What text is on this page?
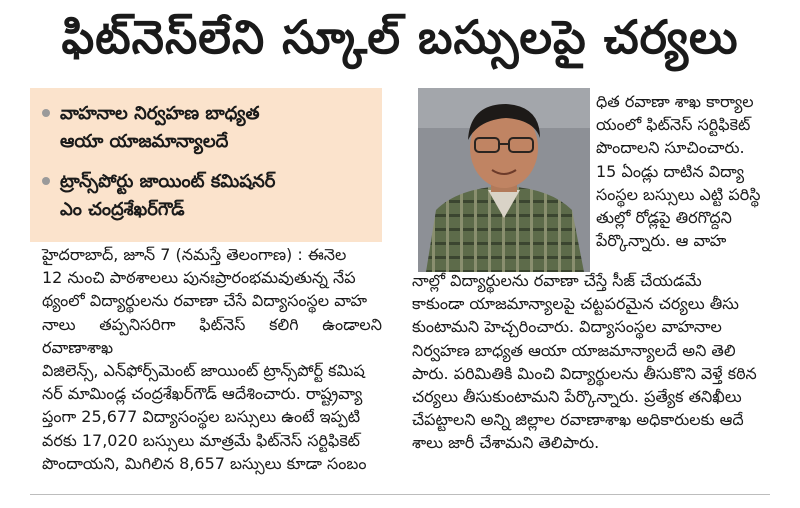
ఫిట్‌నెస్‌లేని స్కూల్‌ బస్సులపై చర్యలు
వాహనాల నిర్వహణ బాధ్యత
ఆయా యాజమాన్యాలదే
ట్రాన్స్‌పోర్టు జాయింట్‌ కమిషనర్‌
ఎం చంద్రశేఖర్‌గౌడ్‌
హైదరాబాద్‌, జూన్‌ 7 (నమస్తే తెలంగాణ) : ఈనెల
12 నుంచి పాఠశాలలు పునఃప్రారంభమవుతున్న నేప
థ్యంలో విద్యార్థులను రవాణా చేసే విద్యాసంస్థల వాహ
నాలు తప్పనిసరిగా ఫిట్‌నెస్‌ కలిగి ఉండాలని రవాణాశాఖ
విజిలెన్స్‌, ఎన్‌ఫోర్స్‌మెంట్‌ జాయింట్‌ ట్రాన్స్‌పోర్ట్‌ కమిష
నర్‌ మామిండ్ల చంద్రశేఖర్‌గౌడ్‌ ఆదేశించారు. రాష్ట్రవ్యా
ప్తంగా 25,677 విద్యాసంస్థల బస్సులు ఉంటే ఇప్పటి
వరకు 17,020 బస్సులు మాత్రమే ఫిట్‌నెస్‌ సర్టిఫికెట్‌
పొందాయని, మిగిలిన 8,657 బస్సులు కూడా సంబం
ధిత రవాణా శాఖ కార్యాల
యంలో ఫిట్‌నెస్‌ సర్టిఫికెట్‌
పొందాలని సూచించారు.
15 ఏండ్లు దాటిన విద్యా
సంస్థల బస్సులు ఎట్టి పరిస్థి
తుల్లో రోడ్లపై తిరగొద్దని
పేర్కొన్నారు. ఆ వాహ
నాల్లో విద్యార్థులను రవాణా చేస్తే సీజ్‌ చేయడమే
కాకుండా యాజమాన్యాలపై చట్టపరమైన చర్యలు తీసు
కుంటామని హెచ్చరించారు. విద్యాసంస్థల వాహనాల
నిర్వహణ బాధ్యత ఆయా యాజమాన్యాలదే అని తెలి
పారు. పరిమితికి మించి విద్యార్థులను తీసుకొని వెళ్తే కఠిన
చర్యలు తీసుకుంటామని పేర్కొన్నారు. ప్రత్యేక తనిఖీలు
చేపట్టాలని అన్ని జిల్లాల రవాణాశాఖ అధికారులకు ఆదే
శాలు జారీ చేశామని తెలిపారు.
